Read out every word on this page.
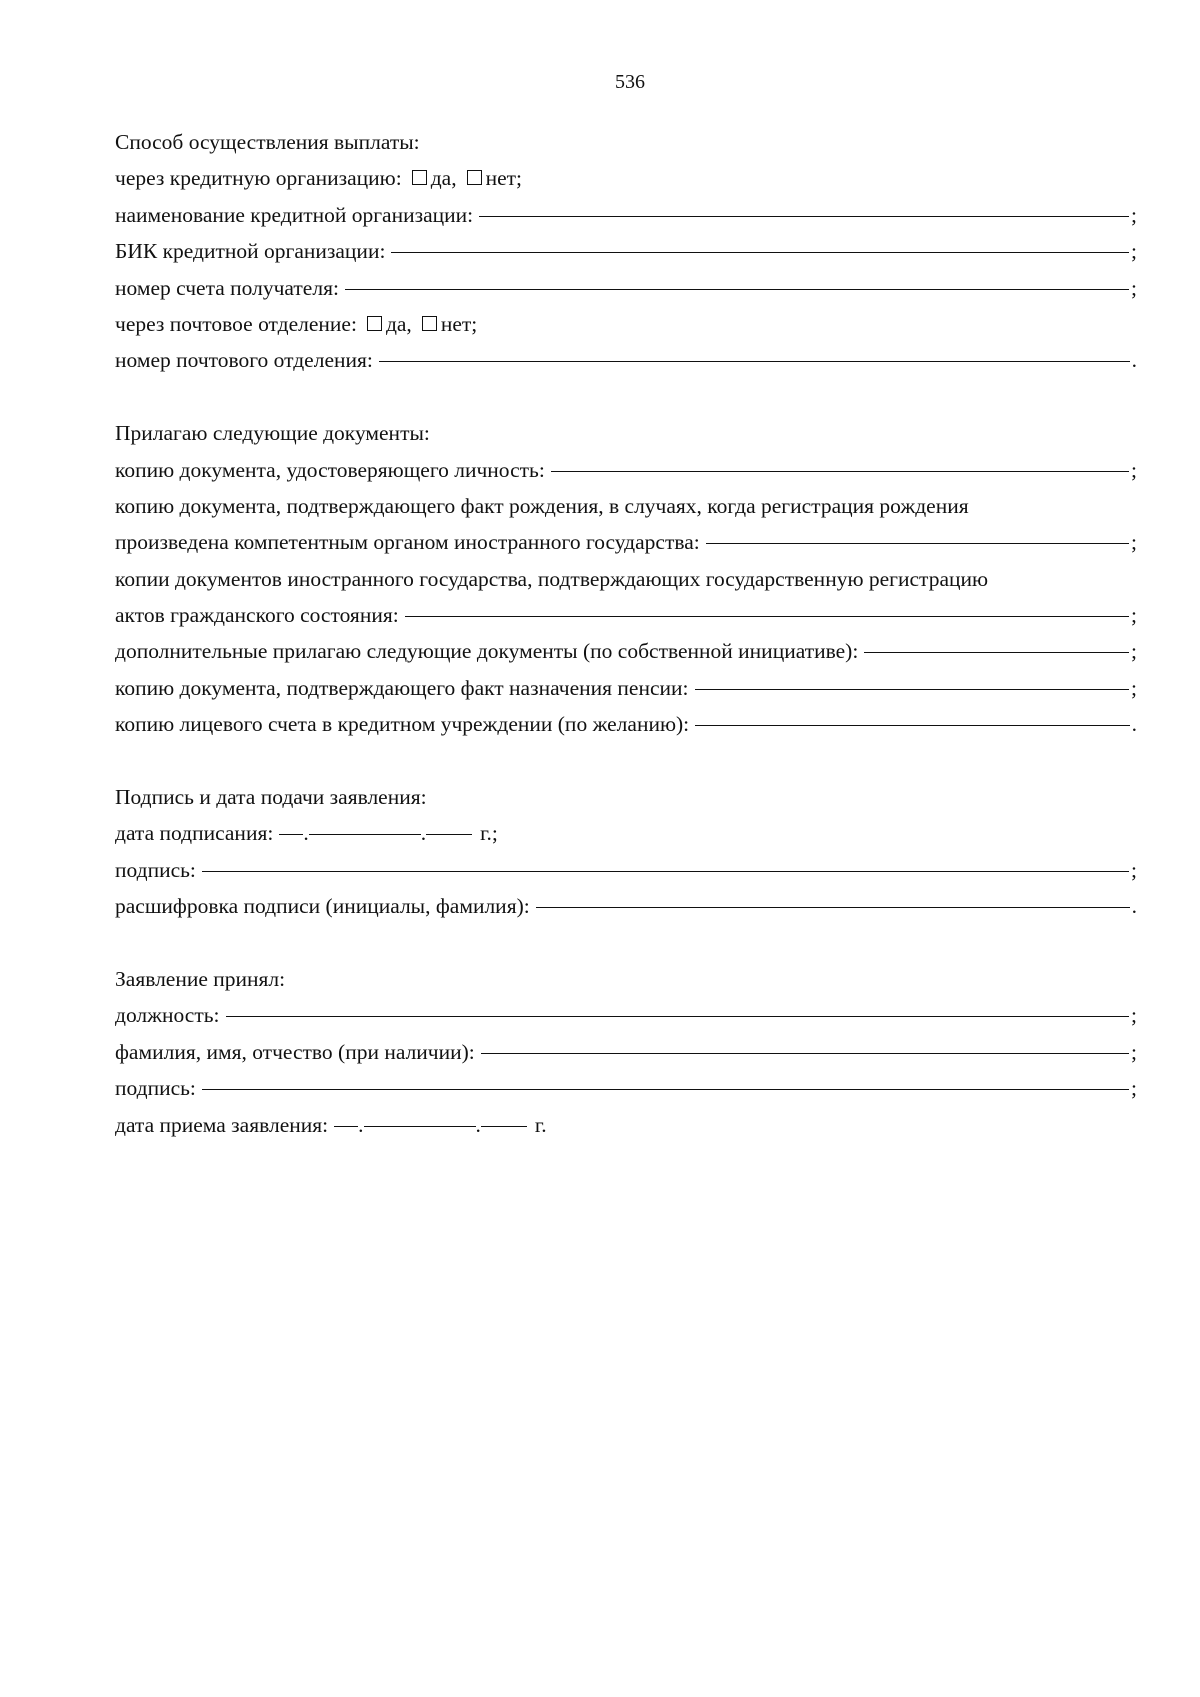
536
Способ осуществления выплаты:
через кредитную организацию: да, нет;
наименование кредитной организации:	;
БИК кредитной организации:	;
номер счета получателя:	;
через почтовое отделение: да, нет;
номер почтового отделения:	.
Прилагаю следующие документы:
копию документа, удостоверяющего личность:	;
копию документа, подтверждающего факт рождения, в случаях, когда регистрация рождения
произведена компетентным органом иностранного государства:	;
копии документов иностранного государства, подтверждающих государственную регистрацию
актов гражданского состояния:	;
дополнительные прилагаю следующие документы (по собственной инициативе):	;
копию документа, подтверждающего факт назначения пенсии:	;
копию лицевого счета в кредитном учреждении (по желанию):	.
Подпись и дата подачи заявления:
дата подписания: .	.	г.;
подпись:	;
расшифровка подписи (инициалы, фамилия):	.
Заявление принял:
должность:	;
фамилия, имя, отчество (при наличии):	;
подпись:	;
дата приема заявления: .	.	г.
